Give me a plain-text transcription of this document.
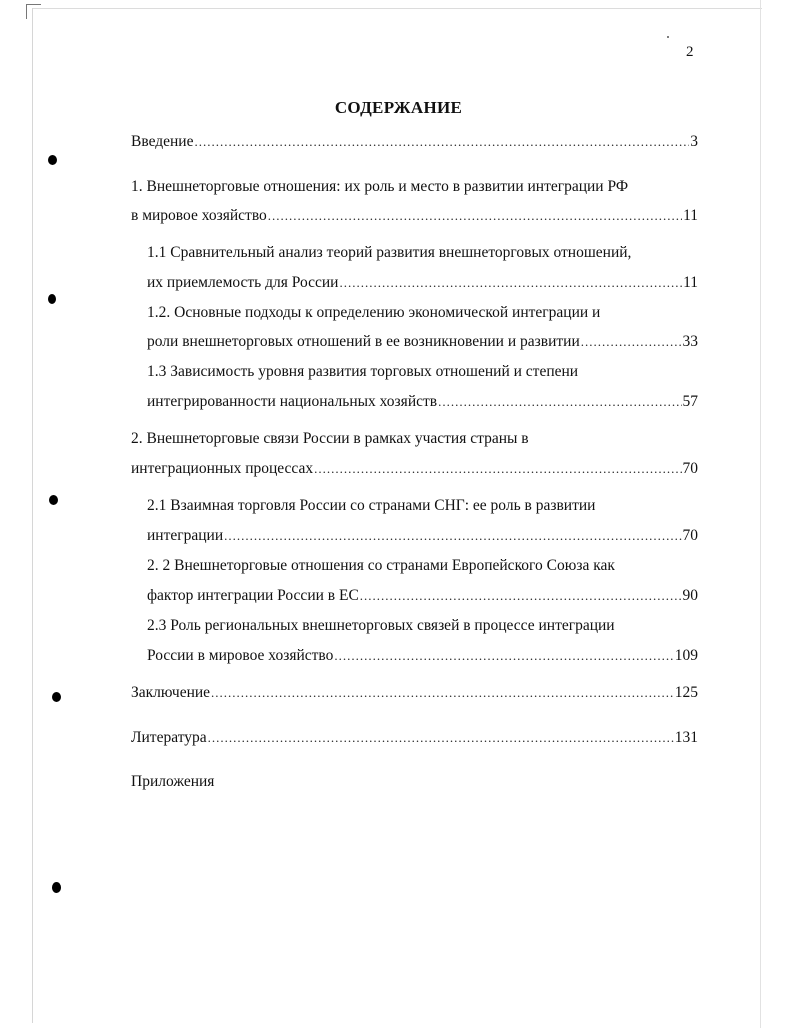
2
СОДЕРЖАНИЕ
Введение .....	3
1. Внешнеторговые отношения: их роль и место в развитии интеграции РФ
в мировое хозяйство .....	11
1.1 Сравнительный анализ теорий развития внешнеторговых отношений,
их приемлемость для России .....	11
1.2. Основные подходы к определению экономической интеграции и
роли внешнеторговых отношений в ее возникновении и развитии .....	33
1.3 Зависимость уровня развития торговых отношений и степени
интегрированности национальных хозяйств .....	57
2. Внешнеторговые связи России в рамках участия страны в
интеграционных процессах .....	70
2.1 Взаимная торговля России со странами СНГ: ее роль в развитии
интеграции .....	70
2. 2 Внешнеторговые отношения со странами Европейского Союза как
фактор интеграции России в ЕС .....	90
2.3 Роль региональных внешнеторговых связей в процессе интеграции
России в мировое хозяйство .....	109
Заключение .....	125
Литература .....	131
Приложения
